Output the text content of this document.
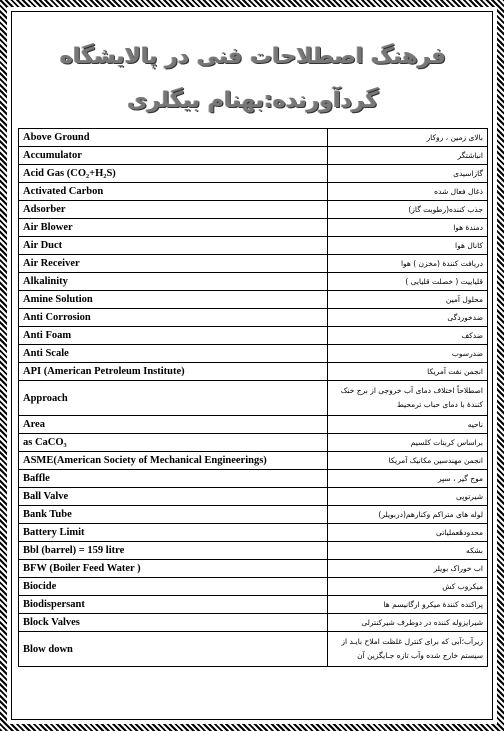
فرهنگ اصطلاحات فنی در پالایشگاه
گردآورنده:بهنام بیگلری
Above Ground	بالای زمین ، روکار
Accumulator	انباشتگر
Acid Gas (CO₂+H₂S)	گازاسیدی
Activated Carbon	ذغال فعال شده
Adsorber	جذب کننده(رطوبت گاز)
Air Blower	دمندهٔ هوا
Air Duct	کانال هوا
Air Receiver	دریافت کنندهٔ (مخزن ) هوا
Alkalinity	قلیاییت ( خصلت قلیایی )
Amine Solution	محلول آمین
Anti Corrosion	ضدخوردگی
Anti Foam	ضدکف
Anti Scale	ضدرسوب
API (American Petroleum Institute)	انجمن نفت آمریکا
Approach	اصطلاحاً اختلاف دمای آب خروجی از برج خنک کنندهٔ با دمای حباب ترمحیط

Area	ناحیه
as CaCO₃	براساس کربنات کلسیم
ASME(American Society of Mechanical Engineerings)	انجمن مهندسین مکانیک آمریکا
Baffle	موج گیر ، سپر
Ball Valve	شیرتوپی
Bank Tube	لوله های متراکم وکنارهم(دربویلر)
Battery Limit	محدودهٔعملیاتی
Bbl (barrel) = 159 litre	بشکه
BFW (Boiler Feed Water )	اب خوراک بویلر
Biocide	میکروب کش
Biodispersant	پراکنده کنندهٔ میکرو ارگانیسم ها
Block Valves	شیرایزوله کننده در دوطرف شیرکنترلی
Blow down	زیرآب؛آبی که برای کنترل غلظت املاح بایـد از سیستم خارج شده وآب تازه جـایگزین آن
